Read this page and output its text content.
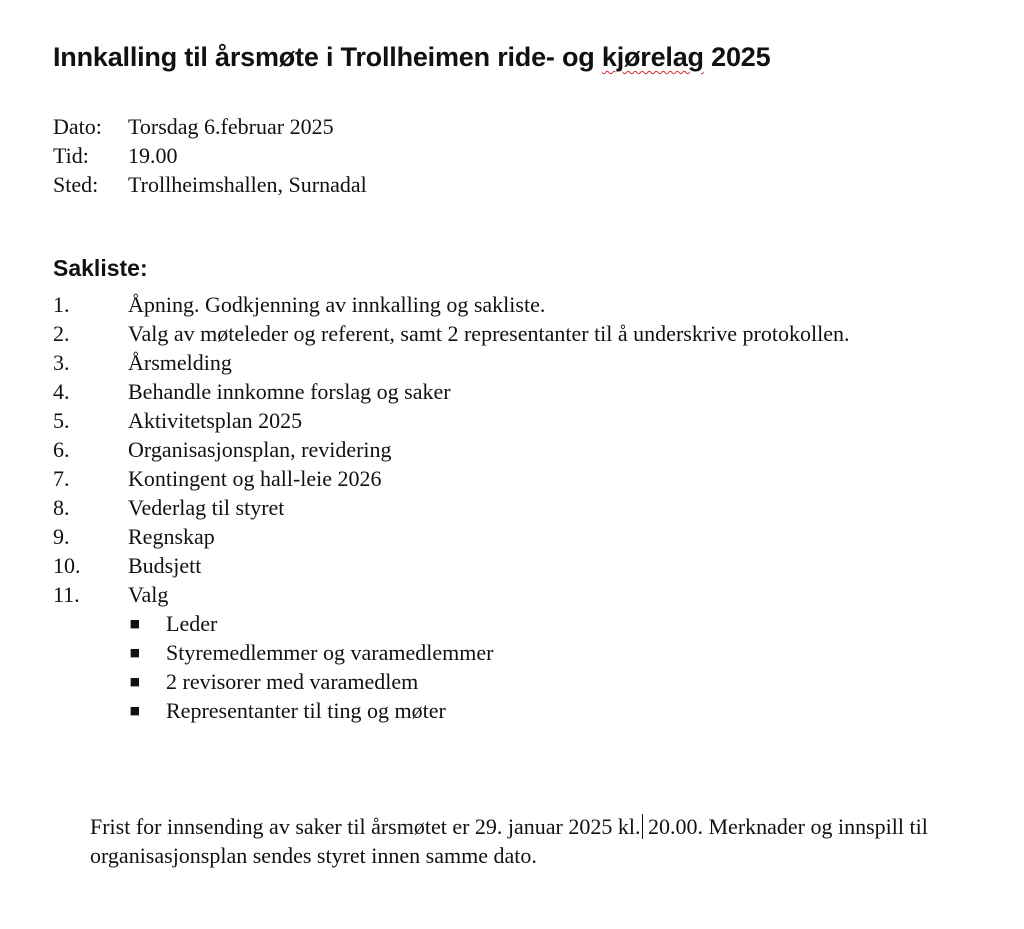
Innkalling til årsmøte i Trollheimen ride- og kjørelag 2025
Dato:	Torsdag 6.februar 2025
Tid:	19.00
Sted:	Trollheimshallen, Surnadal
Sakliste:
1.	Åpning. Godkjenning av innkalling og sakliste.
2.	Valg av møteleder og referent, samt 2 representanter til å underskrive protokollen.
3.	Årsmelding
4.	Behandle innkomne forslag og saker
5.	Aktivitetsplan 2025
6.	Organisasjonsplan, revidering
7.	Kontingent og hall-leie 2026
8.	Vederlag til styret
9.	Regnskap
10.	Budsjett
11.	Valg
■	Leder
■	Styremedlemmer og varamedlemmer
■	2 revisorer med varamedlem
■	Representanter til ting og møter

Frist for innsending av saker til årsmøtet er 29. januar 2025 kl. 20.00. Merknader og innspill til organisasjonsplan sendes styret innen samme dato.
